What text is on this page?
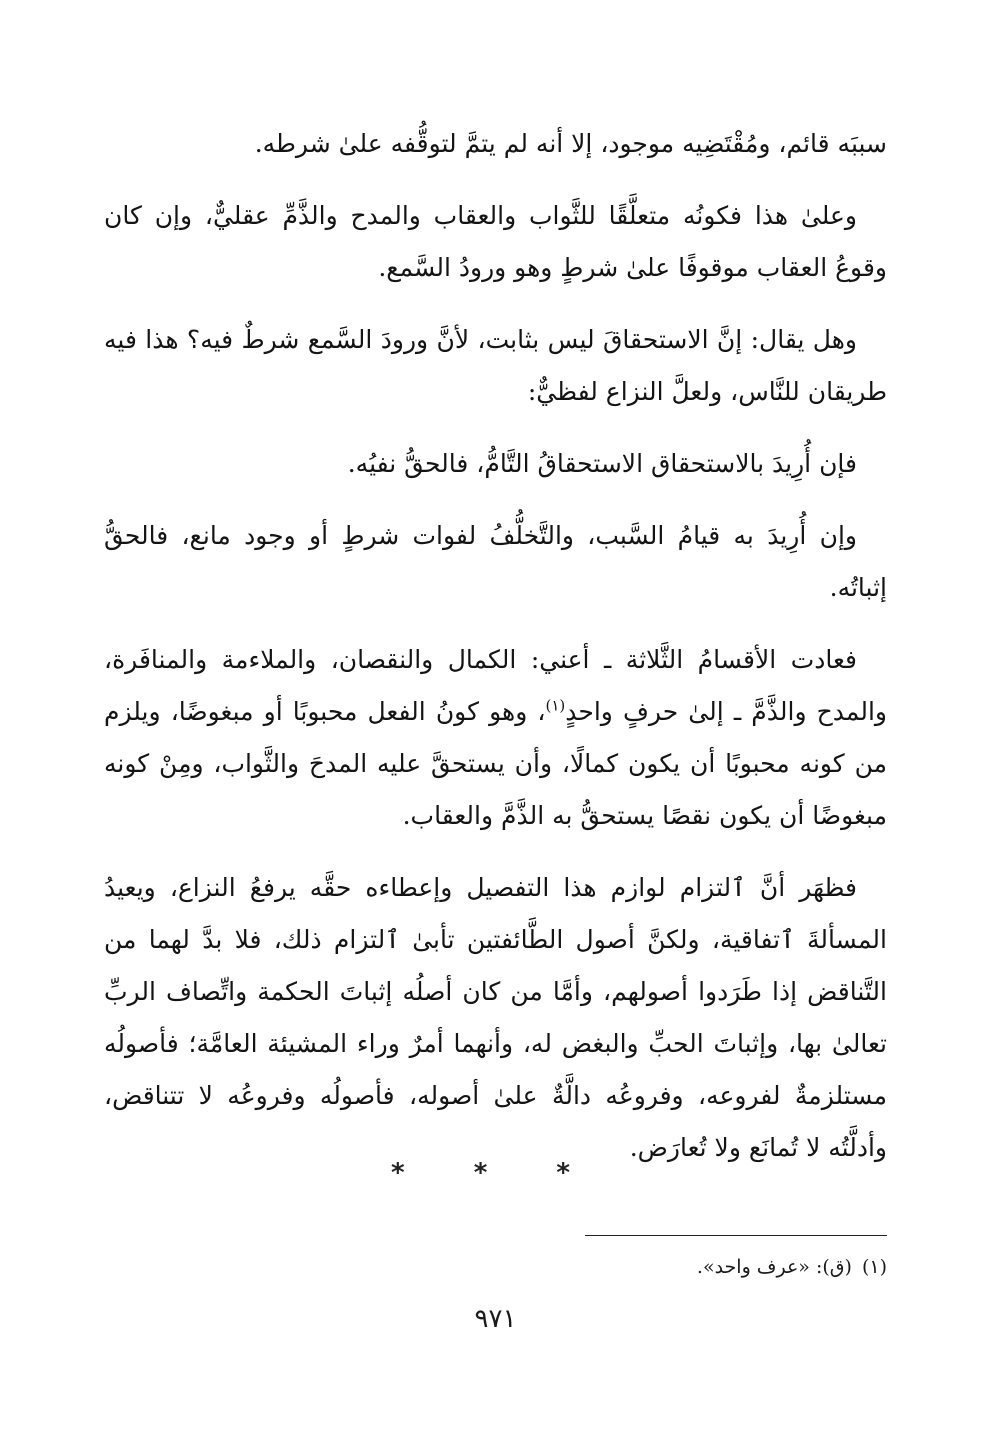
سببَه قائم، ومُقْتَضِيه موجود، إلا أنه لم يتمَّ لتوقُّفه علىٰ شرطه.

وعلىٰ هذا فكونُه متعلَّقًا للثَّواب والعقاب والمدح والذَّمِّ عقليٌّ، وإن كان وقوعُ العقاب موقوفًا علىٰ شرطٍ وهو ورودُ السَّمع.

وهل يقال: إنَّ الاستحقاقَ ليس بثابت، لأنَّ ورودَ السَّمع شرطٌ فيه؟ هذا فيه طريقان للنَّاس، ولعلَّ النزاع لفظيٌّ:

فإن أُرِيدَ بالاستحقاق الاستحقاقُ التَّامُّ، فالحقُّ نفيُه.

وإن أُرِيدَ به قيامُ السَّبب، والتَّخلُّفُ لفوات شرطٍ أو وجود مانع، فالحقُّ إثباتُه.

فعادت الأقسامُ الثَّلاثة ـ أعني: الكمال والنقصان، والملاءمة والمنافَرة، والمدح والذَّمَّ ـ إلىٰ حرفٍ واحدٍ$^{(١)}$، وهو كونُ الفعل محبوبًا أو مبغوضًا، ويلزم من كونه محبوبًا أن يكون كمالًا، وأن يستحقَّ عليه المدحَ والثَّواب، ومِنْ كونه مبغوضًا أن يكون نقصًا يستحقُّ به الذَّمَّ والعقاب.

فظهَر أنَّ ٱلتزام لوازم هذا التفصيل وإعطاءه حقَّه يرفعُ النزاع، ويعيدُ المسألةَ ٱتفاقية، ولكنَّ أصول الطَّائفتين تأبىٰ ٱلتزام ذلك، فلا بدَّ لهما من التَّناقض إذا طَرَدوا أصولهم، وأمَّا من كان أصلُه إثباتَ الحكمة واتِّصاف الربِّ تعالىٰ بها، وإثباتَ الحبِّ والبغض له، وأنهما أمرٌ وراء المشيئة العامَّة؛ فأصولُه مستلزمةٌ لفروعه، وفروعُه دالَّةٌ علىٰ أصوله، فأصولُه وفروعُه لا تتناقض، وأدلَّتُه لا تُمانَع ولا تُعارَض.

* * *
(١)(ق): «عرف واحد».
٩٧١
